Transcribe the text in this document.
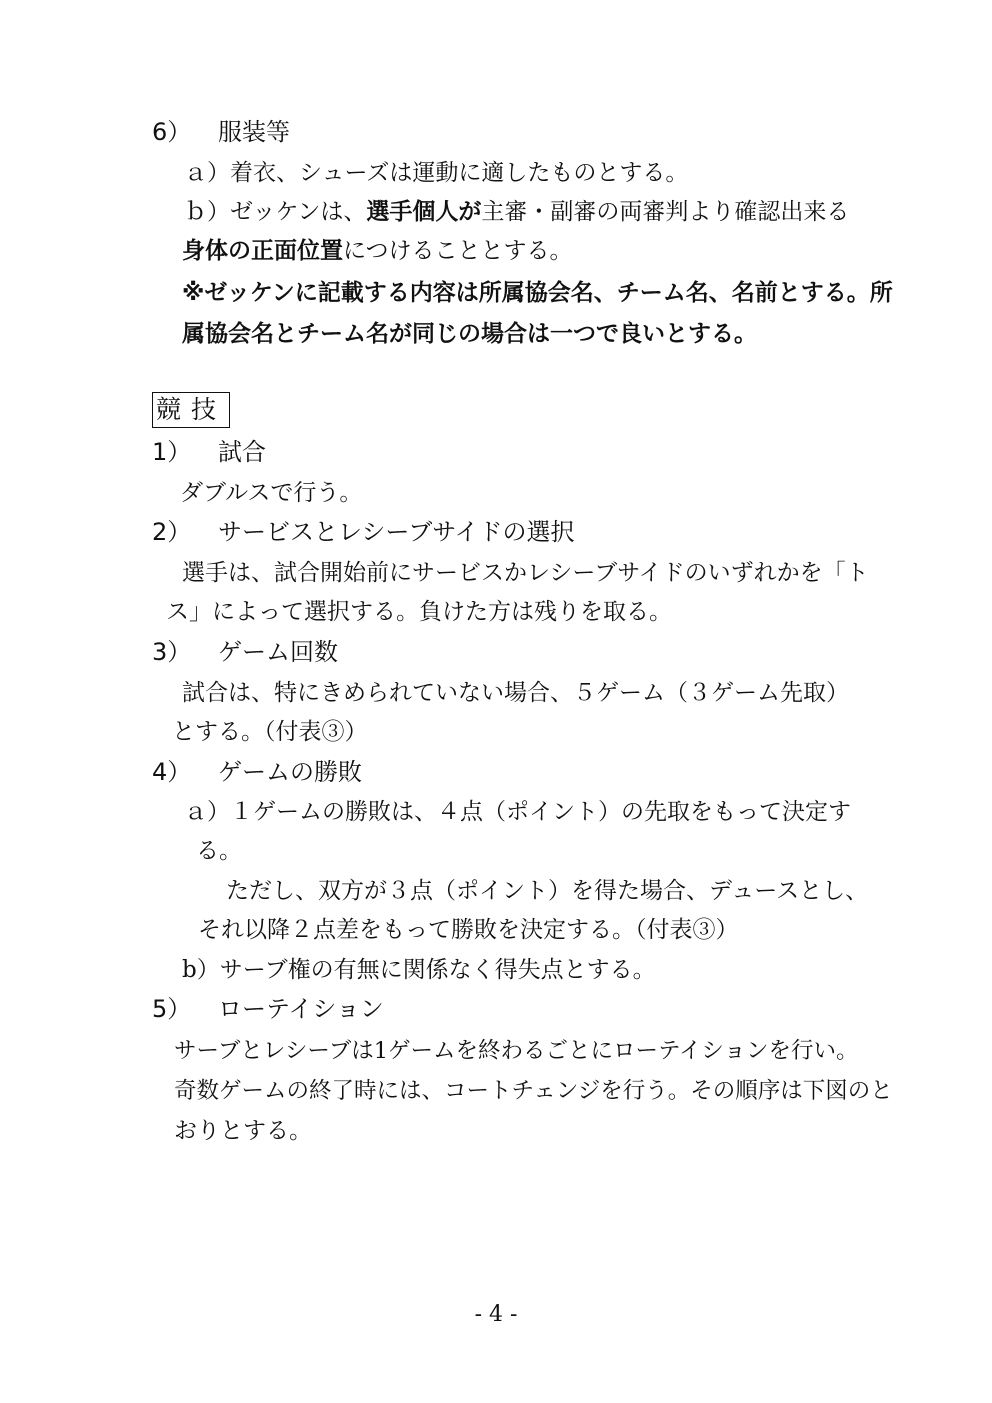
6） 服装等
ａ）着衣、シューズは運動に適したものとする。
ｂ）ゼッケンは、選手個人が主審・副審の両審判より確認出来る
身体の正面位置につけることとする。
※ゼッケンに記載する内容は所属協会名、チーム名、名前とする。所
属協会名とチーム名が同じの場合は一つで良いとする。
競技
1） 試合
ダブルスで行う。
2） サービスとレシーブサイドの選択
選手は、試合開始前にサービスかレシーブサイドのいずれかを「ト
ス」によって選択する。負けた方は残りを取る。
3） ゲーム回数
試合は、特にきめられていない場合、５ゲーム（３ゲーム先取）
とする。（付表③）
4） ゲームの勝敗
ａ）１ゲームの勝敗は、４点（ポイント）の先取をもって決定す
る。
ただし、双方が３点（ポイント）を得た場合、デュースとし、
それ以降２点差をもって勝敗を決定する。（付表③）
b）サーブ権の有無に関係なく得失点とする。
5） ローテイション
サーブとレシーブは1ゲームを終わるごとにローテイションを行い。
奇数ゲームの終了時には、コートチェンジを行う。その順序は下図のと
おりとする。
- 4 -
